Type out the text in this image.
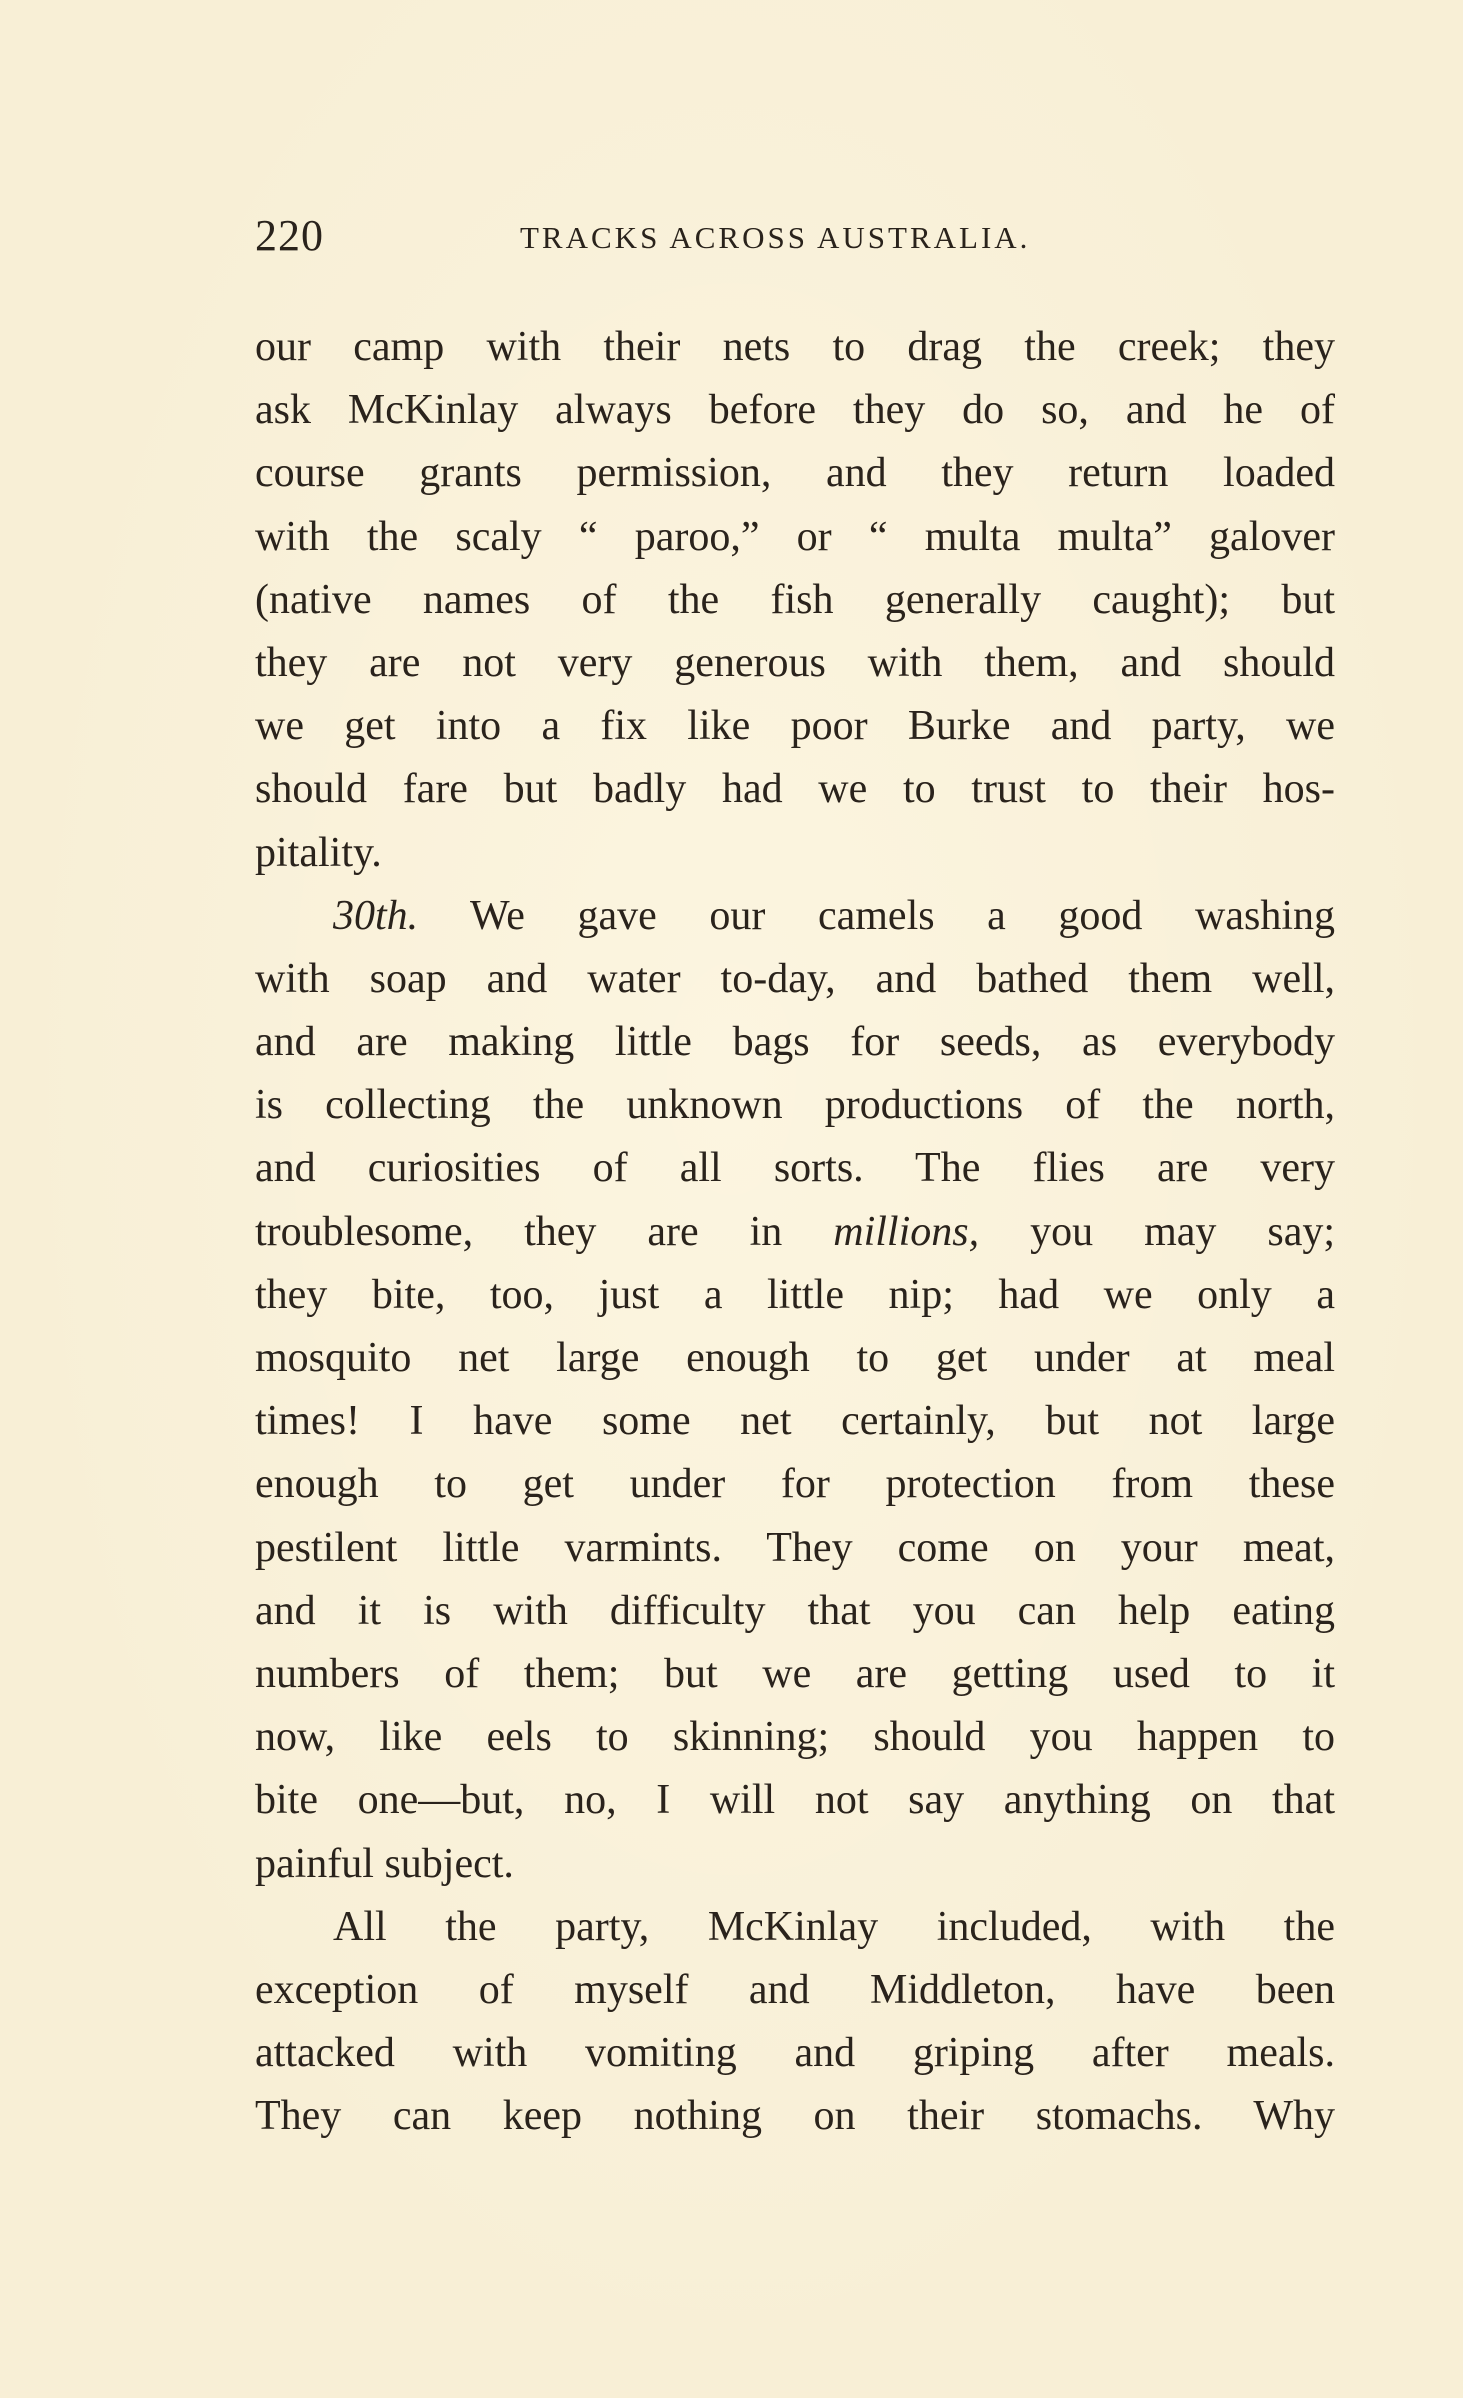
220	TRACKS ACROSS AUSTRALIA.
our camp with their nets to drag the creek; they
ask McKinlay always before they do so, and he of
course grants permission, and they return loaded
with the scaly “ paroo,” or “ multa multa” galover
(native names of the fish generally caught); but
they are not very generous with them, and should
we get into a fix like poor Burke and party, we
should fare but badly had we to trust to their hos-
pitality.
30th. We gave our camels a good washing
with soap and water to-day, and bathed them well,
and are making little bags for seeds, as everybody
is collecting the unknown productions of the north,
and curiosities of all sorts. The flies are very
troublesome, they are in millions, you may say;
they bite, too, just a little nip; had we only a
mosquito net large enough to get under at meal
times! I have some net certainly, but not large
enough to get under for protection from these
pestilent little varmints. They come on your meat,
and it is with difficulty that you can help eating
numbers of them; but we are getting used to it
now, like eels to skinning; should you happen to
bite one—but, no, I will not say anything on that
painful subject.
All the party, McKinlay included, with the
exception of myself and Middleton, have been
attacked with vomiting and griping after meals.
They can keep nothing on their stomachs. Why
